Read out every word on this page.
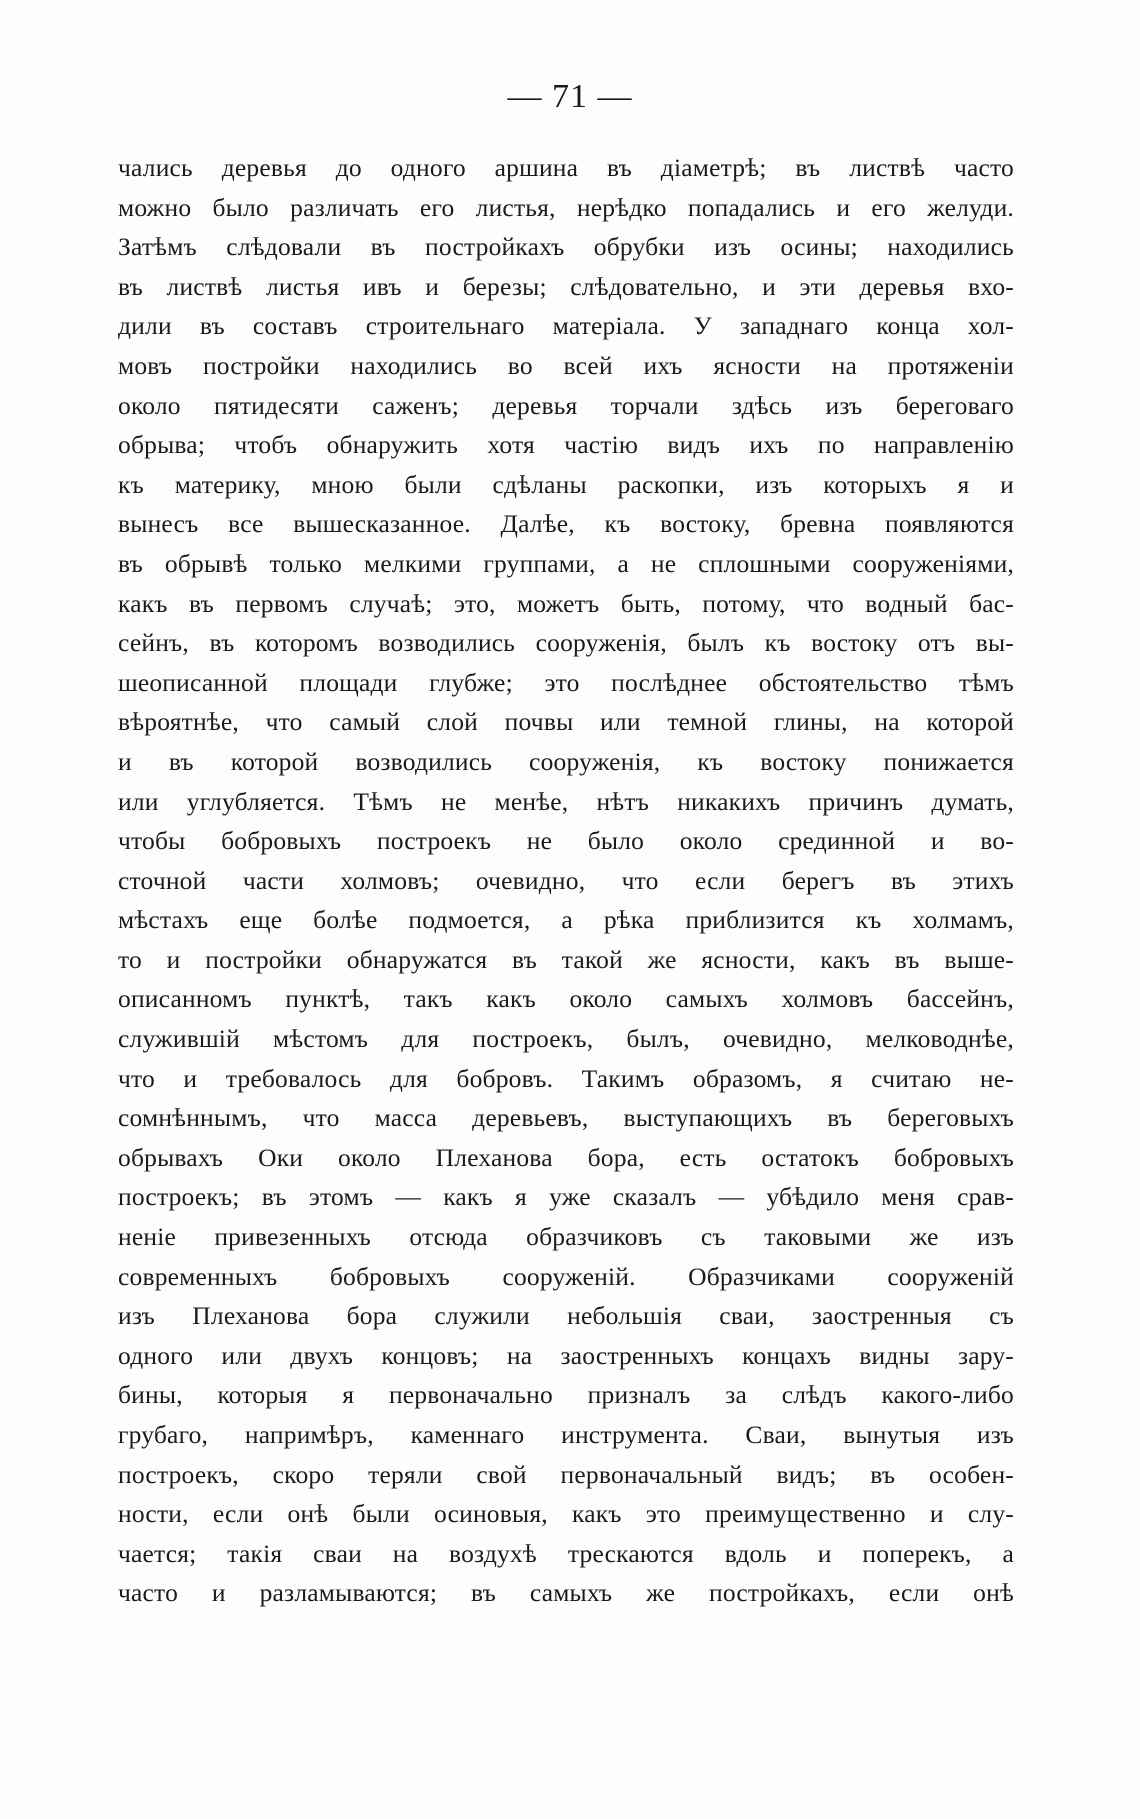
— 71 —
чались деревья до одного аршина въ діаметрѣ; въ листвѣ часто
можно было различать его листья, нерѣдко попадались и его желуди.
Затѣмъ слѣдовали въ постройкахъ обрубки изъ осины; находились
въ листвѣ листья ивъ и березы; слѣдовательно, и эти деревья вхо-
дили въ составъ строительнаго матеріала. У западнаго конца хол-
мовъ постройки находились во всей ихъ ясности на протяженіи
около пятидесяти саженъ; деревья торчали здѣсь изъ береговаго
обрыва; чтобъ обнаружить хотя частію видъ ихъ по направленію
къ материку, мною были сдѣланы раскопки, изъ которыхъ я и
вынесъ все вышесказанное. Далѣе, къ востоку, бревна появляются
въ обрывѣ только мелкими группами, а не сплошными сооруженіями,
какъ въ первомъ случаѣ; это, можетъ быть, потому, что водный бас-
сейнъ, въ которомъ возводились сооруженія, былъ къ востоку отъ вы-
шеописанной площади глубже; это послѣднее обстоятельство тѣмъ
вѣроятнѣе, что самый слой почвы или темной глины, на которой
и въ которой возводились сооруженія, къ востоку понижается
или углубляется. Тѣмъ не менѣе, нѣтъ никакихъ причинъ думать,
чтобы бобровыхъ построекъ не было около срединной и во-
сточной части холмовъ; очевидно, что если берегъ въ этихъ
мѣстахъ еще болѣе подмоется, а рѣка приблизится къ холмамъ,
то и постройки обнаружатся въ такой же ясности, какъ въ выше-
описанномъ пунктѣ, такъ какъ около самыхъ холмовъ бассейнъ,
служившій мѣстомъ для построекъ, былъ, очевидно, мелководнѣе,
что и требовалось для бобровъ. Такимъ образомъ, я считаю не-
сомнѣннымъ, что масса деревьевъ, выступающихъ въ береговыхъ
обрывахъ Оки около Плеханова бора, есть остатокъ бобровыхъ
построекъ; въ этомъ — какъ я уже сказалъ — убѣдило меня срав-
неніе привезенныхъ отсюда образчиковъ съ таковыми же изъ
современныхъ бобровыхъ сооруженій. Образчиками сооруженій
изъ Плеханова бора служили небольшія сваи, заостренныя съ
одного или двухъ концовъ; на заостренныхъ концахъ видны зару-
бины, которыя я первоначально призналъ за слѣдъ какого-либо
грубаго, напримѣръ, каменнаго инструмента. Сваи, вынутыя изъ
построекъ, скоро теряли свой первоначальный видъ; въ особен-
ности, если онѣ были осиновыя, какъ это преимущественно и слу-
чается; такія сваи на воздухѣ трескаются вдоль и поперекъ, а
часто и разламываются; въ самыхъ же постройкахъ, если онѣ
